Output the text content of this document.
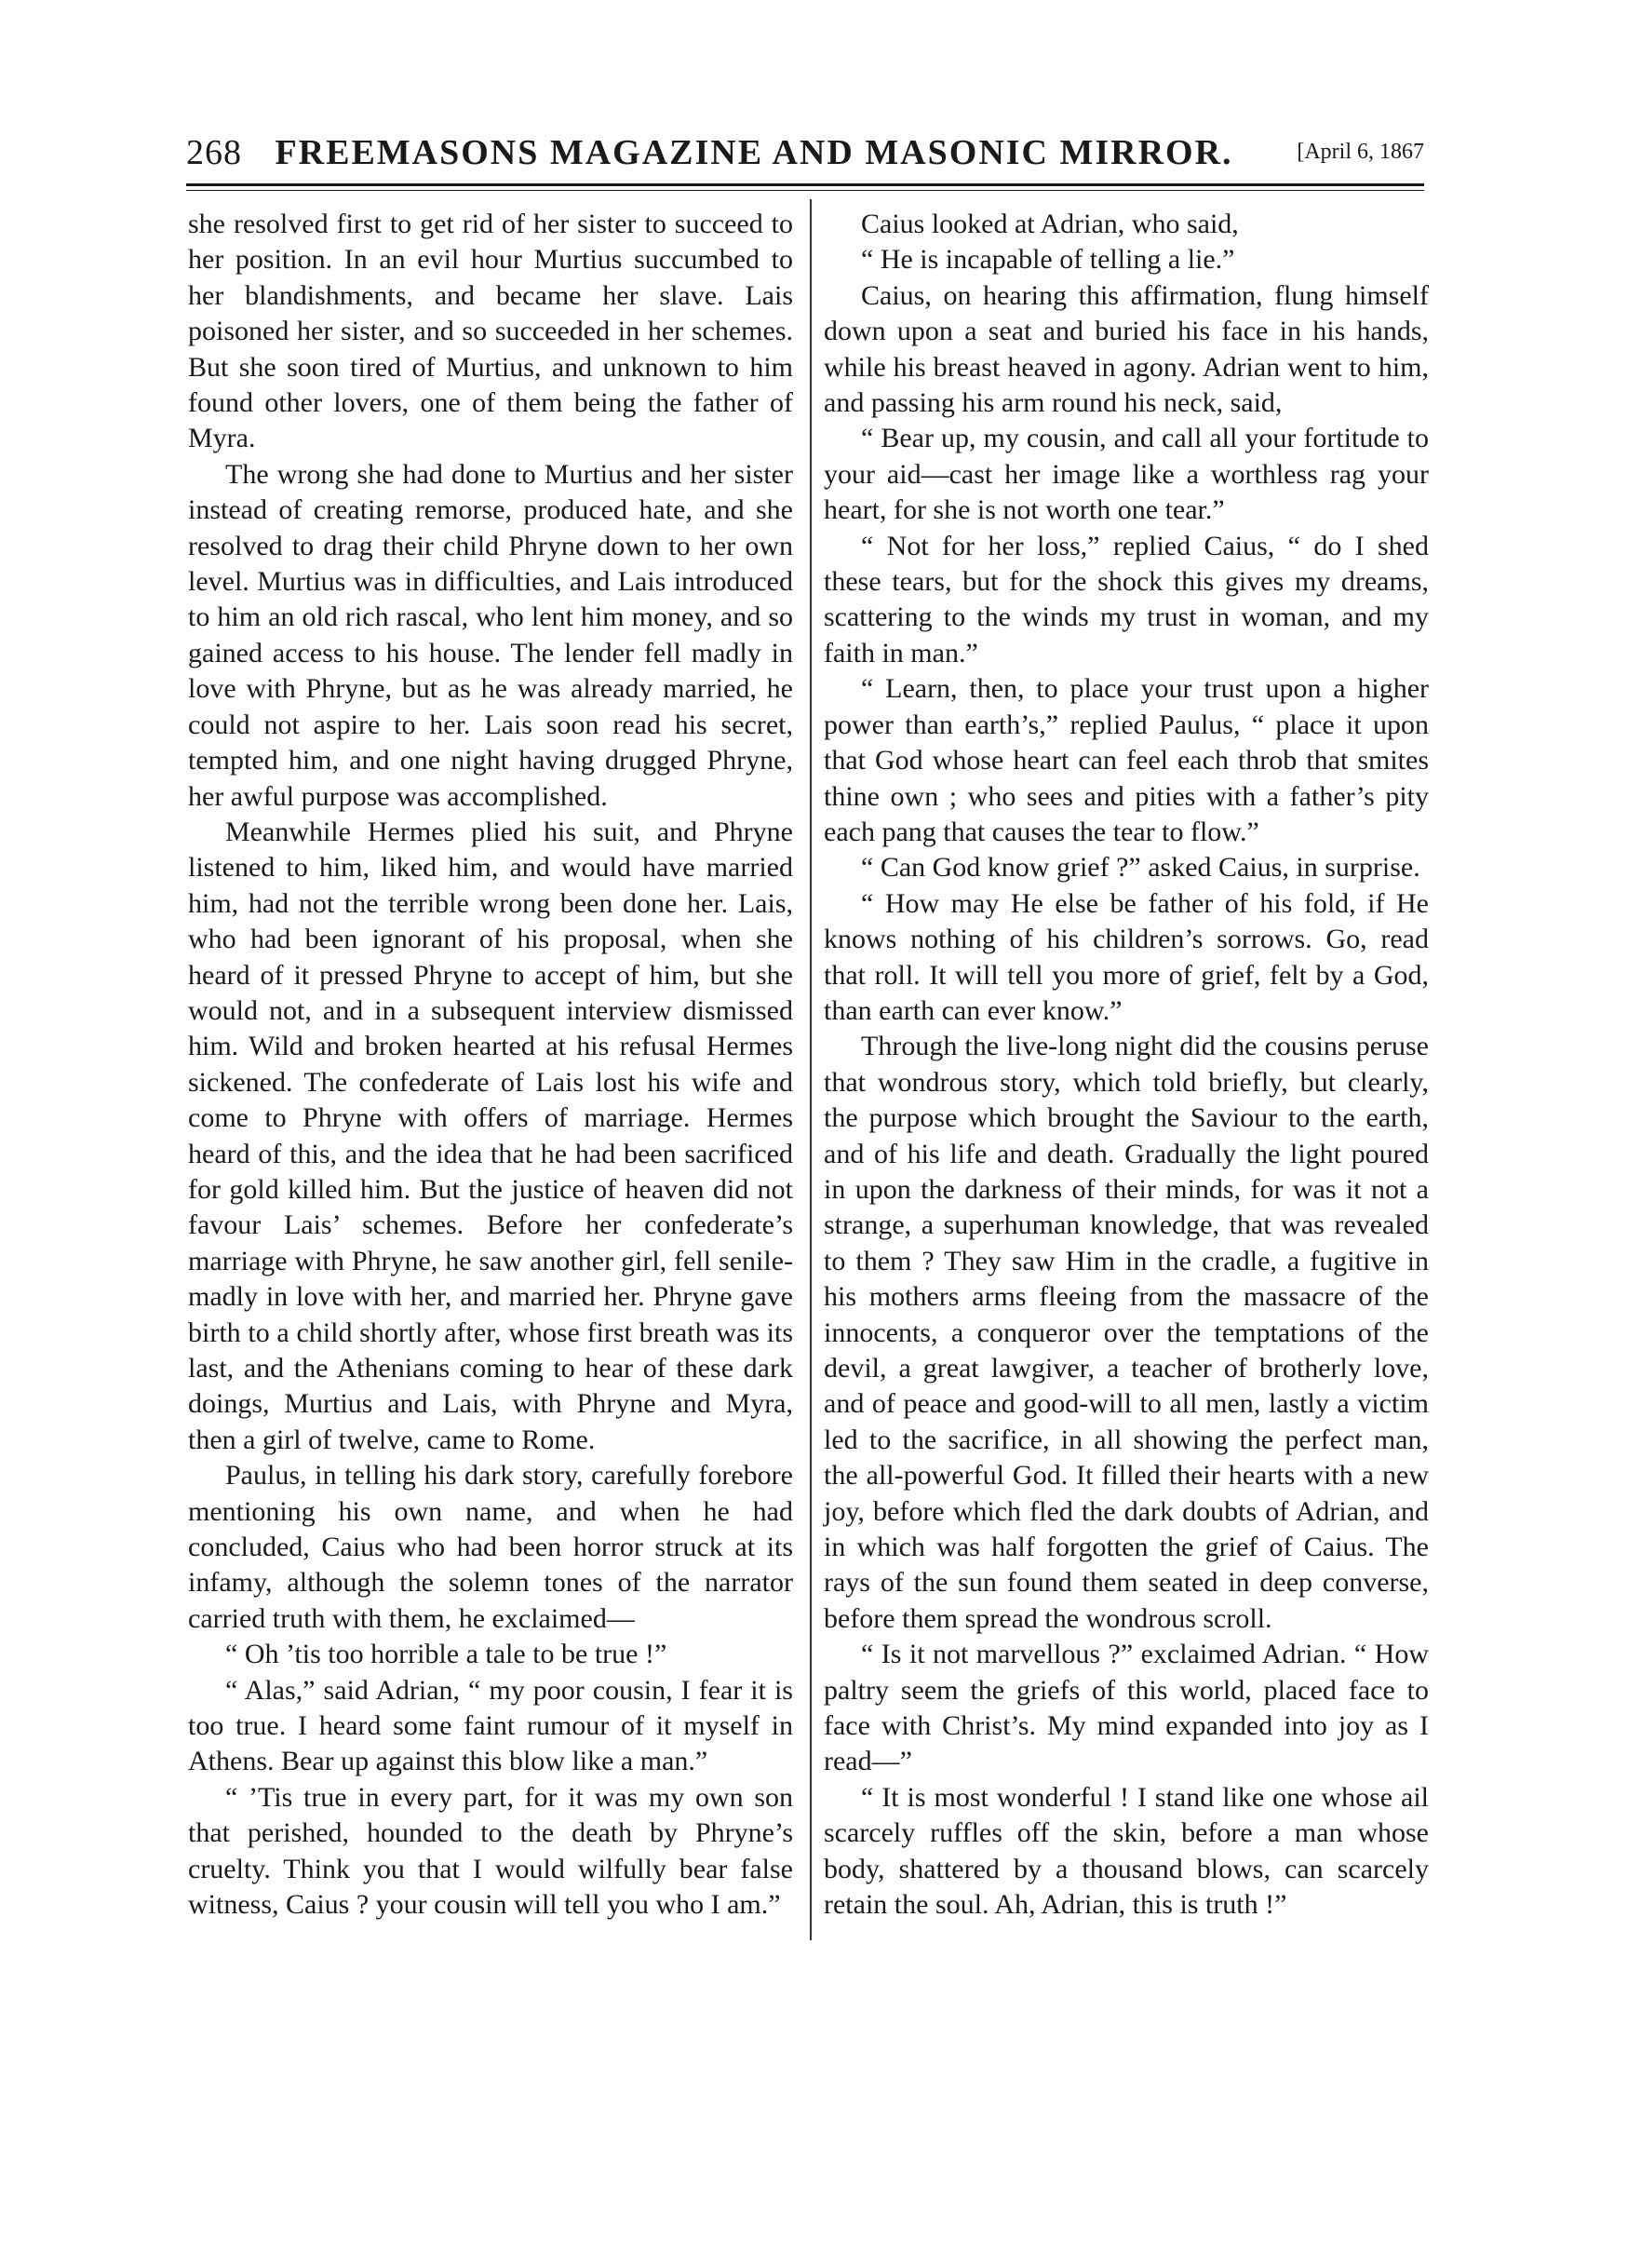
268 FREEMASONS MAGAZINE AND MASONIC MIRROR.	[April 6, 1867

she resolved first to get rid of her sister to succeed to her position. In an evil hour Murtius succumbed to her blandishments, and became her slave. Lais poisoned her sister, and so succeeded in her schemes. But she soon tired of Murtius, and unknown to him found other lovers, one of them being the father of Myra.

The wrong she had done to Murtius and her sister instead of creating remorse, produced hate, and she resolved to drag their child Phryne down to her own level. Murtius was in difficulties, and Lais introduced to him an old rich rascal, who lent him money, and so gained access to his house. The lender fell madly in love with Phryne, but as he was already married, he could not aspire to her. Lais soon read his secret, tempted him, and one night having drugged Phryne, her awful purpose was accomplished.

Meanwhile Hermes plied his suit, and Phryne listened to him, liked him, and would have married him, had not the terrible wrong been done her. Lais, who had been ignorant of his proposal, when she heard of it pressed Phryne to accept of him, but she would not, and in a subsequent interview dismissed him. Wild and broken hearted at his refusal Hermes sickened. The confederate of Lais lost his wife and come to Phryne with offers of marriage. Hermes heard of this, and the idea that he had been sacrificed for gold killed him. But the justice of heaven did not favour Lais’ schemes. Before her confederate’s marriage with Phryne, he saw another girl, fell senile-madly in love with her, and married her. Phryne gave birth to a child shortly after, whose first breath was its last, and the Athenians coming to hear of these dark doings, Murtius and Lais, with Phryne and Myra, then a girl of twelve, came to Rome.

Paulus, in telling his dark story, carefully forebore mentioning his own name, and when he had concluded, Caius who had been horror struck at its infamy, although the solemn tones of the narrator carried truth with them, he exclaimed—

“ Oh ’tis too horrible a tale to be true !”

“ Alas,” said Adrian, “ my poor cousin, I fear it is too true. I heard some faint rumour of it myself in Athens. Bear up against this blow like a man.”

“ ’Tis true in every part, for it was my own son that perished, hounded to the death by Phryne’s cruelty. Think you that I would wilfully bear false witness, Caius ? your cousin will tell you who I am.”

Caius looked at Adrian, who said,

“ He is incapable of telling a lie.”

Caius, on hearing this affirmation, flung himself down upon a seat and buried his face in his hands, while his breast heaved in agony. Adrian went to him, and passing his arm round his neck, said,

“ Bear up, my cousin, and call all your fortitude to your aid—cast her image like a worthless rag your heart, for she is not worth one tear.”

“ Not for her loss,” replied Caius, “ do I shed these tears, but for the shock this gives my dreams, scattering to the winds my trust in woman, and my faith in man.”

“ Learn, then, to place your trust upon a higher power than earth’s,” replied Paulus, “ place it upon that God whose heart can feel each throb that smites thine own ; who sees and pities with a father’s pity each pang that causes the tear to flow.”

“ Can God know grief ?” asked Caius, in surprise.

“ How may He else be father of his fold, if He knows nothing of his children’s sorrows. Go, read that roll. It will tell you more of grief, felt by a God, than earth can ever know.”

Through the live-long night did the cousins peruse that wondrous story, which told briefly, but clearly, the purpose which brought the Saviour to the earth, and of his life and death. Gradually the light poured in upon the darkness of their minds, for was it not a strange, a superhuman knowledge, that was revealed to them ? They saw Him in the cradle, a fugitive in his mothers arms fleeing from the massacre of the innocents, a conqueror over the temptations of the devil, a great lawgiver, a teacher of brotherly love, and of peace and good-will to all men, lastly a victim led to the sacrifice, in all showing the perfect man, the all-powerful God. It filled their hearts with a new joy, before which fled the dark doubts of Adrian, and in which was half forgotten the grief of Caius. The rays of the sun found them seated in deep converse, before them spread the wondrous scroll.

“ Is it not marvellous ?” exclaimed Adrian. “ How paltry seem the griefs of this world, placed face to face with Christ’s. My mind expanded into joy as I read—”

“ It is most wonderful ! I stand like one whose ail scarcely ruffles off the skin, before a man whose body, shattered by a thousand blows, can scarcely retain the soul. Ah, Adrian, this is truth !”
